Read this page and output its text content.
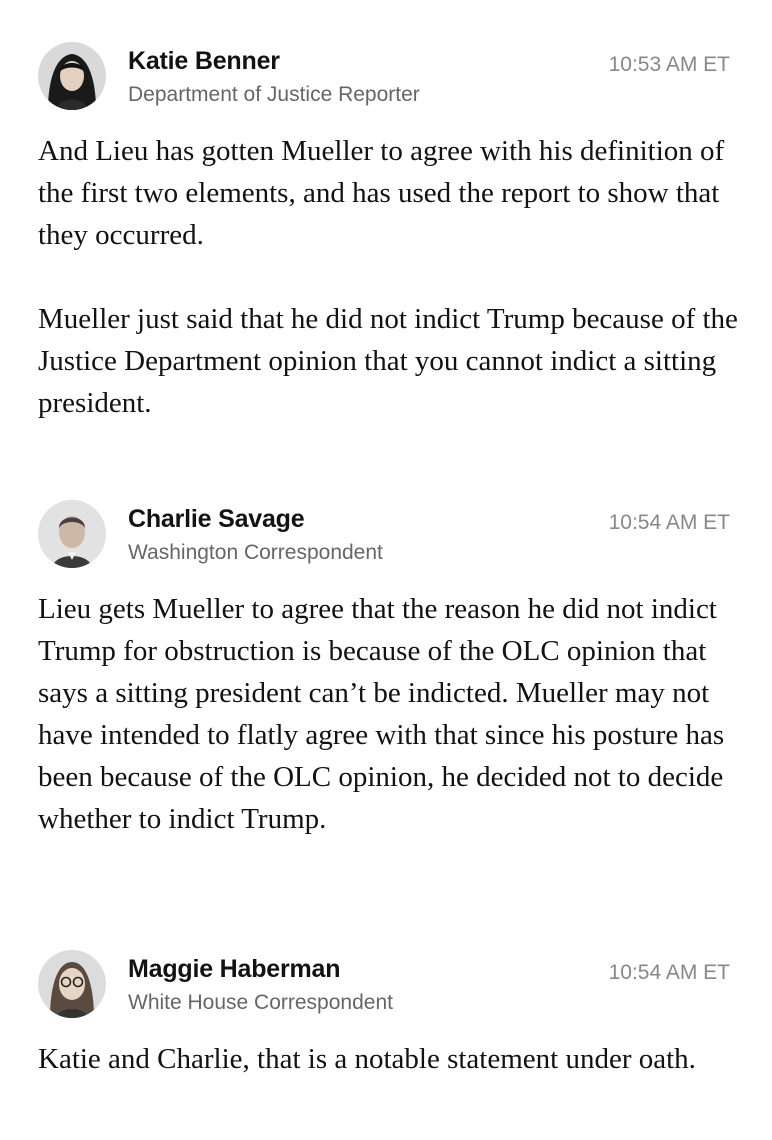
Katie Benner
Department of Justice Reporter
10:53 AM ET

And Lieu has gotten Mueller to agree with his definition of the first two elements, and has used the report to show that they occurred.

Mueller just said that he did not indict Trump because of the Justice Department opinion that you cannot indict a sitting president.

Charlie Savage
Washington Correspondent
10:54 AM ET

Lieu gets Mueller to agree that the reason he did not indict Trump for obstruction is because of the OLC opinion that says a sitting president can’t be indicted. Mueller may not have intended to flatly agree with that since his posture has been because of the OLC opinion, he decided not to decide whether to indict Trump.

Maggie Haberman
White House Correspondent
10:54 AM ET

Katie and Charlie, that is a notable statement under oath.
